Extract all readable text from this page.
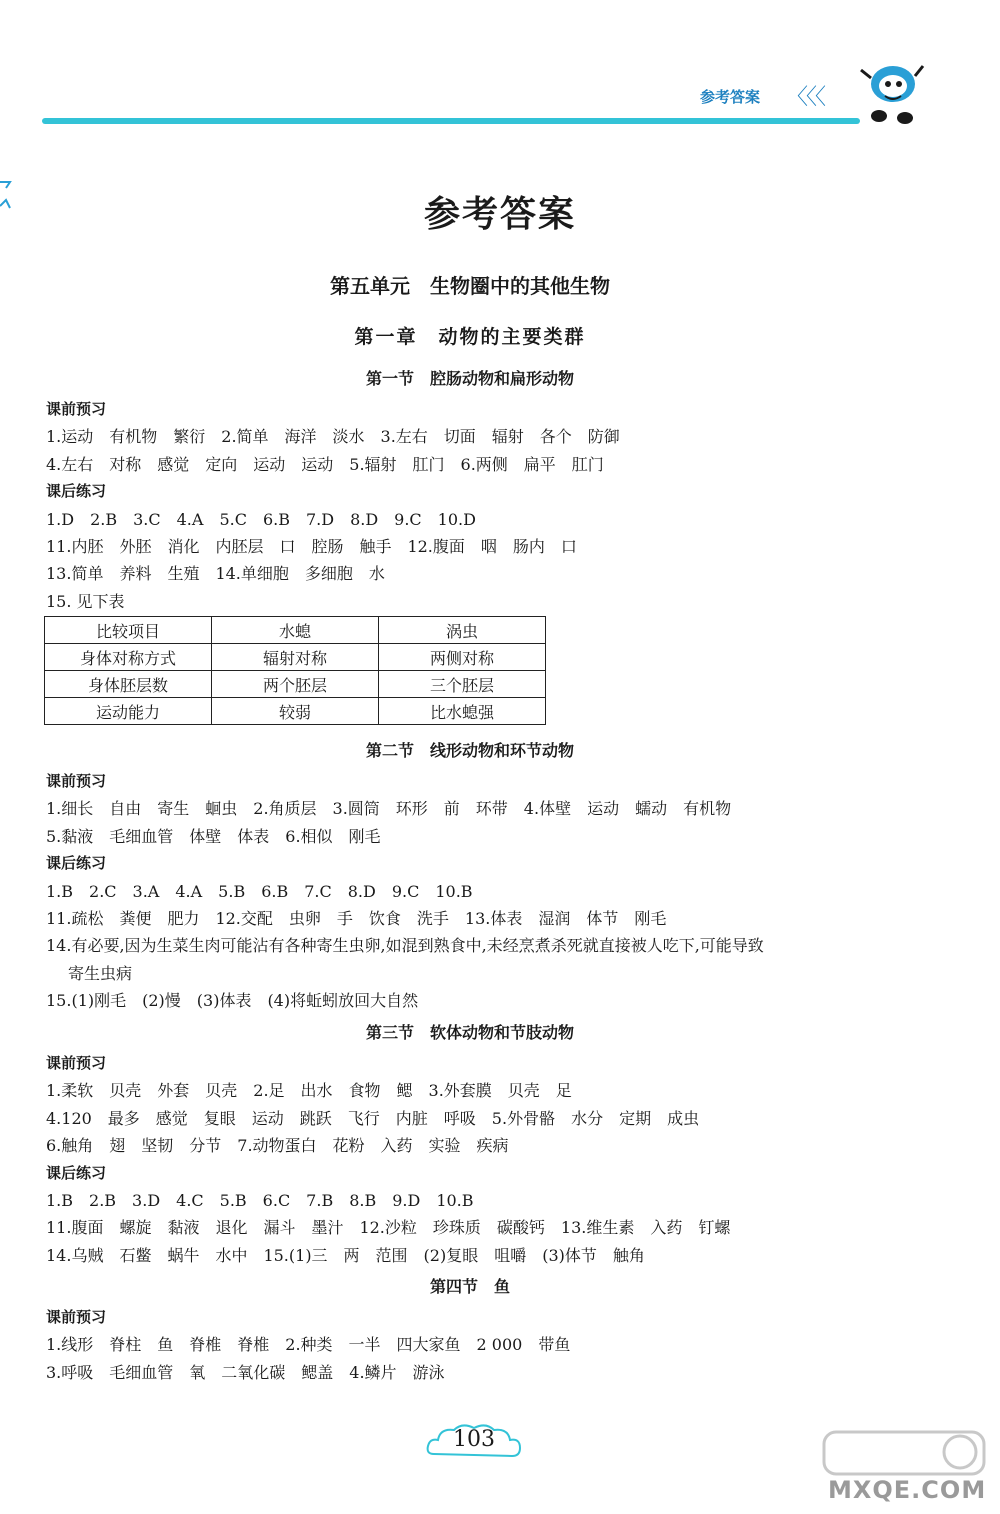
参考答案 〈〈〈
参考答案
第五单元　生物圈中的其他生物
第一章　动物的主要类群
第一节　腔肠动物和扁形动物
课前预习
1.运动　有机物　繁衍　2.简单　海洋　淡水　3.左右　切面　辐射　各个　防御
4.左右　对称　感觉　定向　运动　运动　5.辐射　肛门　6.两侧　扁平　肛门
课后练习
1.D　2.B　3.C　4.A　5.C　6.B　7.D　8.D　9.C　10.D
11.内胚　外胚　消化　内胚层　口　腔肠　触手　12.腹面　咽　肠内　口
13.简单　养料　生殖　14.单细胞　多细胞　水
15. 见下表
比较项目	水螅	涡虫
身体对称方式	辐射对称	两侧对称
身体胚层数	两个胚层	三个胚层
运动能力	较弱	比水螅强
第二节　线形动物和环节动物
课前预习
1.细长　自由　寄生　蛔虫　2.角质层　3.圆筒　环形　前　环带　4.体壁　运动　蠕动　有机物
5.黏液　毛细血管　体壁　体表　6.相似　刚毛
课后练习
1.B　2.C　3.A　4.A　5.B　6.B　7.C　8.D　9.C　10.B
11.疏松　粪便　肥力　12.交配　虫卵　手　饮食　洗手　13.体表　湿润　体节　刚毛
14.有必要,因为生菜生肉可能沾有各种寄生虫卵,如混到熟食中,未经烹煮杀死就直接被人吃下,可能导致
寄生虫病
15.(1)刚毛　(2)慢　(3)体表　(4)将蚯蚓放回大自然
第三节　软体动物和节肢动物
课前预习
1.柔软　贝壳　外套　贝壳　2.足　出水　食物　鳃　3.外套膜　贝壳　足
4.120　最多　感觉　复眼　运动　跳跃　飞行　内脏　呼吸　5.外骨骼　水分　定期　成虫
6.触角　翅　坚韧　分节　7.动物蛋白　花粉　入药　实验　疾病
课后练习
1.B　2.B　3.D　4.C　5.B　6.C　7.B　8.B　9.D　10.B
11.腹面　螺旋　黏液　退化　漏斗　墨汁　12.沙粒　珍珠质　碳酸钙　13.维生素　入药　钉螺
14.乌贼　石鳖　蜗牛　水中　15.(1)三　两　范围　(2)复眼　咀嚼　(3)体节　触角
第四节　鱼
课前预习
1.线形　脊柱　鱼　脊椎　脊椎　2.种类　一半　四大家鱼　2 000　带鱼
3.呼吸　毛细血管　氧　二氧化碳　鳃盖　4.鳞片　游泳
103
MXQE.COM
